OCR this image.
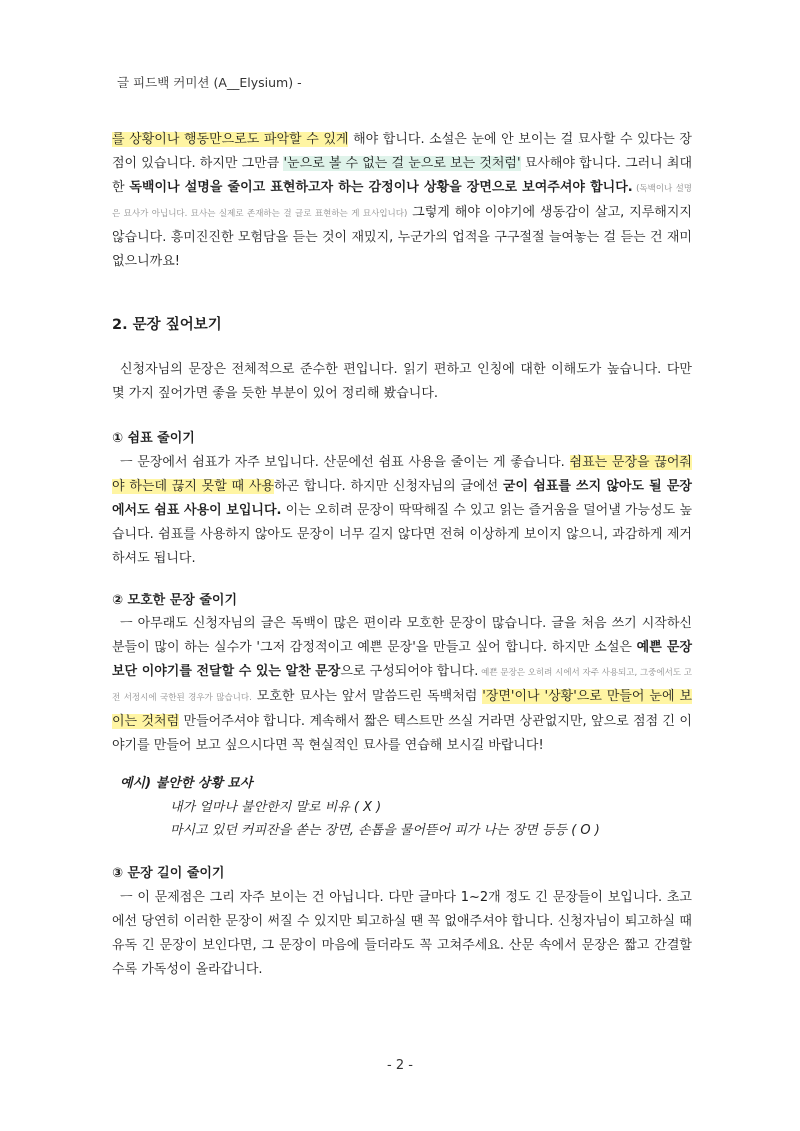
글 피드백 커미션 (A__Elysium) -
를 상황이나 행동만으로도 파악할 수 있게 해야 합니다. 소설은 눈에 안 보이는 걸 묘사할 수 있다는 장점이 있습니다. 하지만 그만큼 '눈으로 볼 수 없는 걸 눈으로 보는 것처럼' 묘사해야 합니다. 그러니 최대한 독백이나 설명을 줄이고 표현하고자 하는 감정이나 상황을 장면으로 보여주셔야 합니다. (독백이나 설명은 묘사가 아닙니다. 묘사는 실제로 존재하는 걸 글로 표현하는 게 묘사입니다) 그렇게 해야 이야기에 생동감이 살고, 지루해지지 않습니다. 흥미진진한 모험담을 듣는 것이 재밌지, 누군가의 업적을 구구절절 늘여놓는 걸 듣는 건 재미없으니까요!
2. 문장 짚어보기
신청자님의 문장은 전체적으로 준수한 편입니다. 읽기 편하고 인칭에 대한 이해도가 높습니다. 다만 몇 가지 짚어가면 좋을 듯한 부분이 있어 정리해 봤습니다.
① 쉼표 줄이기
ㅡ 문장에서 쉼표가 자주 보입니다. 산문에선 쉼표 사용을 줄이는 게 좋습니다. 쉼표는 문장을 끊어줘야 하는데 끊지 못할 때 사용하곤 합니다. 하지만 신청자님의 글에선 굳이 쉼표를 쓰지 않아도 될 문장에서도 쉼표 사용이 보입니다. 이는 오히려 문장이 딱딱해질 수 있고 읽는 즐거움을 덜어낼 가능성도 높습니다. 쉼표를 사용하지 않아도 문장이 너무 길지 않다면 전혀 이상하게 보이지 않으니, 과감하게 제거하셔도 됩니다.
② 모호한 문장 줄이기
ㅡ 아무래도 신청자님의 글은 독백이 많은 편이라 모호한 문장이 많습니다. 글을 처음 쓰기 시작하신 분들이 많이 하는 실수가 '그저 감정적이고 예쁜 문장'을 만들고 싶어 합니다. 하지만 소설은 예쁜 문장보단 이야기를 전달할 수 있는 알찬 문장으로 구성되어야 합니다. 예쁜 문장은 오히려 시에서 자주 사용되고, 그중에서도 고전 서정시에 국한된 경우가 많습니다. 모호한 묘사는 앞서 말씀드린 독백처럼 '장면'이나 '상황'으로 만들어 눈에 보이는 것처럼 만들어주셔야 합니다. 계속해서 짧은 텍스트만 쓰실 거라면 상관없지만, 앞으로 점점 긴 이야기를 만들어 보고 싶으시다면 꼭 현실적인 묘사를 연습해 보시길 바랍니다!
예시) 불안한 상황 묘사
내가 얼마나 불안한지 말로 비유 ( X )
마시고 있던 커피잔을 쏟는 장면, 손톱을 물어뜯어 피가 나는 장면 등등 ( O )
③ 문장 길이 줄이기
ㅡ 이 문제점은 그리 자주 보이는 건 아닙니다. 다만 글마다 1~2개 정도 긴 문장들이 보입니다. 초고에선 당연히 이러한 문장이 써질 수 있지만 퇴고하실 땐 꼭 없애주셔야 합니다. 신청자님이 퇴고하실 때 유독 긴 문장이 보인다면, 그 문장이 마음에 들더라도 꼭 고쳐주세요. 산문 속에서 문장은 짧고 간결할수록 가독성이 올라갑니다.
- 2 -
